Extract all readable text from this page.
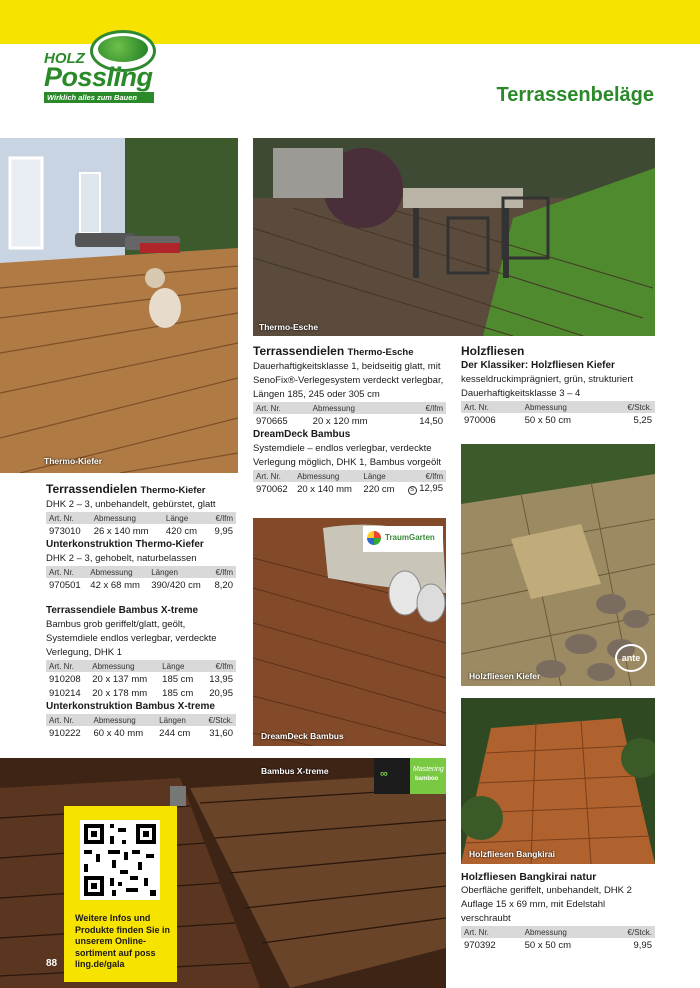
HOLZ
Possling
Wirklich alles zum Bauen	Terrassenbeläge
Thermo-Kiefer
Thermo-Esche
Terrassendielen Thermo-Kiefer
DHK 2 – 3, unbehandelt, gebürstet, glatt
Art. Nr.	Abmessung	Länge	€/lfm
973010	26 x 140 mm	420 cm	9,95
Unterkonstruktion Thermo-Kiefer
DHK 2 – 3, gehobelt, naturbelassen
Art. Nr.	Abmessung	Längen	€/lfm
970501	42 x 68 mm	390/420 cm	8,20
Terrassendiele Bambus X-treme
Bambus grob geriffelt/glatt, geölt, Systemdiele endlos verlegbar, verdeckte Verlegung, DHK 1
Art. Nr.	Abmessung	Länge	€/lfm
910208	20 x 137 mm	185 cm	13,95
910214	20 x 178 mm	185 cm	20,95
Unterkonstruktion Bambus X-treme
Art. Nr.	Abmessung	Längen	€/Stck.
910222	60 x 40 mm	244 cm	31,60
Terrassendielen Thermo-Esche
Dauerhaftigkeitsklasse 1, beidseitig glatt, mit SenoFix®-Verlegesystem verdeckt verlegbar, Längen 185, 245 oder 305 cm
Art. Nr.	Abmessung	€/lfm
970665	20 x 120 mm	14,50
DreamDeck Bambus
Systemdiele – endlos verlegbar, verdeckte Verlegung möglich, DHK 1, Bambus vorgeölt
Art. Nr.	Abmessung	Länge	€/lfm
970062	20 x 140 mm	220 cm	S 12,95
TraumGarten
DreamDeck Bambus
Holzfliesen
Der Klassiker: Holzfliesen Kiefer
kesseldruckimprägniert, grün, strukturiert Dauerhaftigkeitsklasse 3 – 4
Art. Nr.	Abmessung	€/Stck.
970006	50 x 50 cm	5,25
ante
Holzfliesen Kiefer
Holzfliesen Bangkirai
Holzfliesen Bangkirai natur
Oberfläche geriffelt, unbehandelt, DHK 2 Auflage 15 x 69 mm, mit Edelstahl verschraubt
Art. Nr.	Abmessung	€/Stck.
970392	50 x 50 cm	9,95
Bambus X-treme	∞	Mastering
bamboo
Weitere Infos und Produkte finden Sie in unserem Online-sortiment auf poss ling.de/gala
88
